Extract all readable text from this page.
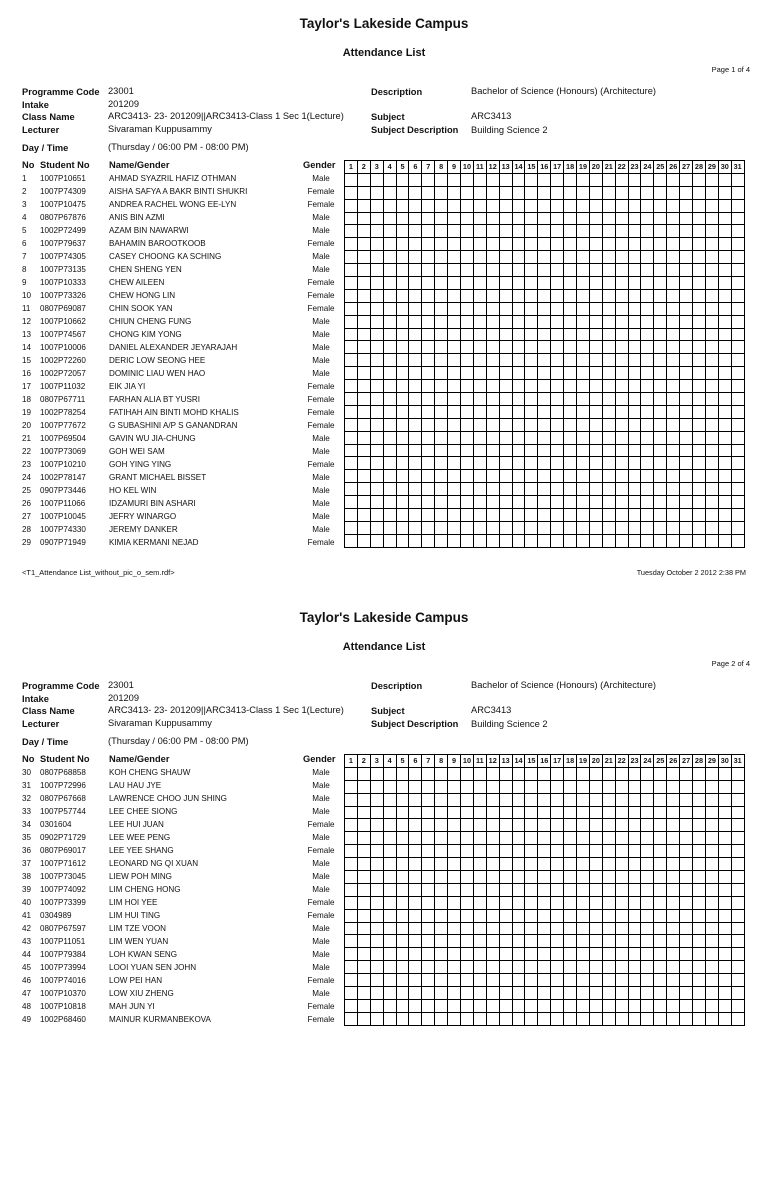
Taylor's Lakeside Campus
Attendance List
Page 1 of 4
Programme Code 23001
Intake	201209
Class Name	ARC3413- 23- 201209||ARC3413-Class 1 Sec 1(Lecture)
Lecturer	Sivaraman Kuppusammy
Day / Time	(Thursday / 06:00 PM - 08:00 PM)
Description	Bachelor of Science (Honours) (Architecture)
Subject	ARC3413
Subject Description Building Science 2
No Student No Name/Gender	Gender
1 1007P10651	AHMAD SYAZRIL HAFIZ OTHMAN	Male
2 1007P74309	AISHA SAFYA A BAKR BINTI SHUKRI	Female
3 1007P10475	ANDREA RACHEL WONG EE-LYN	Female
4 0807P67876	ANIS BIN AZMI	Male
5 1002P72499	AZAM BIN NAWARWI	Male
6 1007P79637	BAHAMIN BAROOTKOOB	Female
7 1007P74305	CASEY CHOONG KA SCHING	Male
8 1007P73135	CHEN SHENG YEN	Male
9 1007P10333	CHEW AILEEN	Female
10 1007P73326	CHEW HONG LIN	Female
11 0807P69087	CHIN SOOK YAN	Female
12 1007P10662	CHIUN CHENG FUNG	Male
13 1007P74567	CHONG KIM YONG	Male
14 1007P10006	DANIEL ALEXANDER JEYARAJAH	Male
15 1002P72260	DERIC LOW SEONG HEE	Male
16 1002P72057	DOMINIC LIAU WEN HAO	Male
17 1007P11032	EIK JIA YI	Female
18 0807P67711	FARHAN ALIA BT YUSRI	Female
19 1002P78254	FATIHAH AIN BINTI MOHD KHALIS	Female
20 1007P77672	G SUBASHINI A/P S GANANDRAN	Female
21 1007P69504	GAVIN WU JIA-CHUNG	Male
22 1007P73069	GOH WEI SAM	Male
23 1007P10210	GOH YING YING	Female
24 1002P78147	GRANT MICHAEL BISSET	Male
25 0907P73446	HO KEL WIN	Male
26 1007P11066	IDZAMURI BIN ASHARI	Male
27 1007P10045	JEFRY WINARGO	Male
28 1007P74330	JEREMY DANKER	Male
29 0907P71949	KIMIA KERMANI NEJAD	Female
1	2	3	4	5	6	7	8	9	10	11	12	13	14	15	16	17	18	19	20	21	22	23	24	25	26	27	28	29	30	31

<T1_Attendance List_without_pic_o_sem.rdf>	Tuesday October 2 2012 2:38 PM
Taylor's Lakeside Campus
Attendance List
Page 2 of 4
Programme Code 23001
Intake	201209
Class Name	ARC3413- 23- 201209||ARC3413-Class 1 Sec 1(Lecture)
Lecturer	Sivaraman Kuppusammy
Day / Time	(Thursday / 06:00 PM - 08:00 PM)
Description	Bachelor of Science (Honours) (Architecture)
Subject	ARC3413
Subject Description Building Science 2
No Student No Name/Gender	Gender
30 0807P68858	KOH CHENG SHAUW	Male
31 1007P72996	LAU HAU JYE	Male
32 0807P67668	LAWRENCE CHOO JUN SHING	Male
33 1007P57744	LEE CHEE SIONG	Male
34 0301604	LEE HUI JUAN	Female
35 0902P71729	LEE WEE PENG	Male
36 0807P69017	LEE YEE SHANG	Female
37 1007P71612	LEONARD NG QI XUAN	Male
38 1007P73045	LIEW POH MING	Male
39 1007P74092	LIM CHENG HONG	Male
40 1007P73399	LIM HOI YEE	Female
41 0304989	LIM HUI TING	Female
42 0807P67597	LIM TZE VOON	Male
43 1007P11051	LIM WEN YUAN	Male
44 1007P79384	LOH KWAN SENG	Male
45 1007P73994	LOOI YUAN SEN JOHN	Male
46 1007P74016	LOW PEI HAN	Female
47 1007P10370	LOW XIU ZHENG	Male
48 1007P10818	MAH JUN YI	Female
49 1002P68460	MAINUR KURMANBEKOVA	Female
1	2	3	4	5	6	7	8	9	10	11	12	13	14	15	16	17	18	19	20	21	22	23	24	25	26	27	28	29	30	31
